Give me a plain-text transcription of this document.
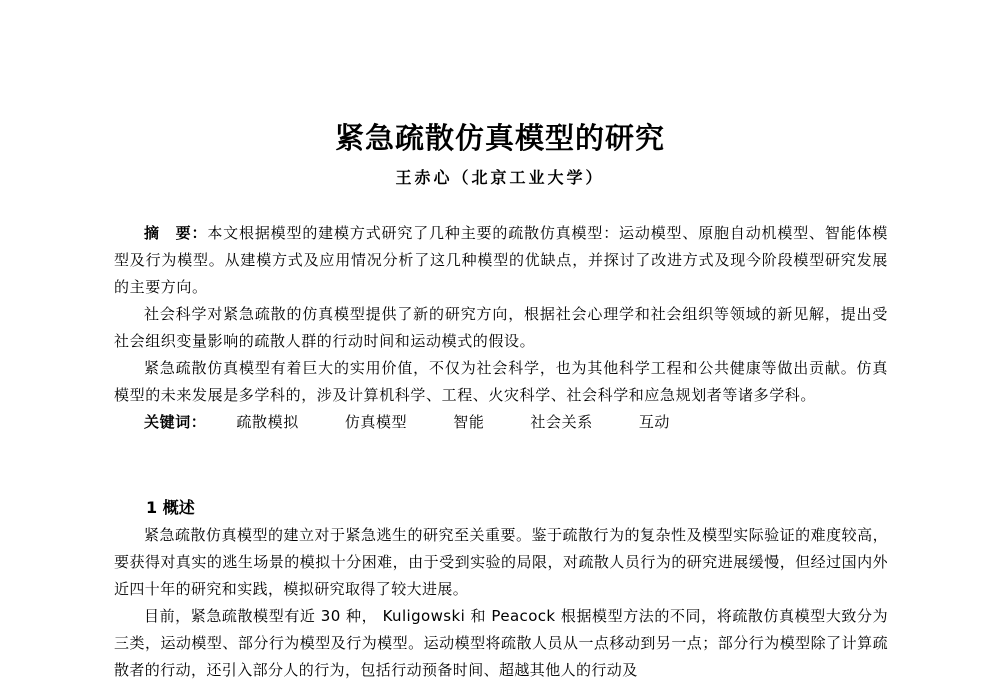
紧急疏散仿真模型的研究
王赤心（北京工业大学）

摘　要：本文根据模型的建模方式研究了几种主要的疏散仿真模型：运动模型、原胞自动机模型、智能体模型及行为模型。从建模方式及应用情况分析了这几种模型的优缺点，并探讨了改进方式及现今阶段模型研究发展的主要方向。

社会科学对紧急疏散的仿真模型提供了新的研究方向，根据社会心理学和社会组织等领域的新见解，提出受社会组织变量影响的疏散人群的行动时间和运动模式的假设。

紧急疏散仿真模型有着巨大的实用价值，不仅为社会科学，也为其他科学工程和公共健康等做出贡献。仿真模型的未来发展是多学科的，涉及计算机科学、工程、火灾科学、社会科学和应急规划者等诸多学科。

关键词： 疏散模拟	仿真模型	智能	社会关系	互动

1 概述

紧急疏散仿真模型的建立对于紧急逃生的研究至关重要。鉴于疏散行为的复杂性及模型实际验证的难度较高，要获得对真实的逃生场景的模拟十分困难，由于受到实验的局限，对疏散人员行为的研究进展缓慢，但经过国内外近四十年的研究和实践，模拟研究取得了较大进展。

目前，紧急疏散模型有近 30 种， Kuligowski 和 Peacock 根据模型方法的不同，将疏散仿真模型大致分为三类，运动模型、部分行为模型及行为模型。运动模型将疏散人员从一点移动到另一点；部分行为模型除了计算疏散者的行动，还引入部分人的行为，包括行动预备时间、超越其他人的行动及
